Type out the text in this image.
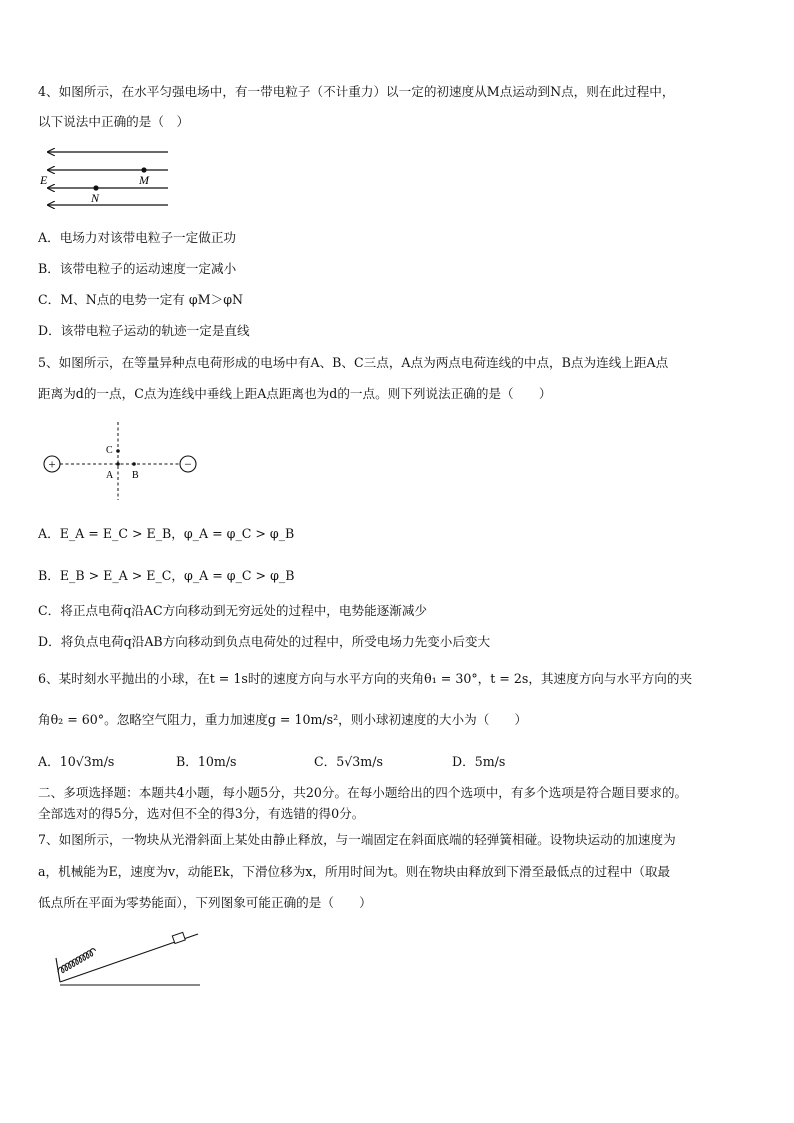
4、如图所示，在水平匀强电场中，有一带电粒子（不计重力）以一定的初速度从M点运动到N点，则在此过程中，
以下说法中正确的是（　）
E	M
N
A．电场力对该带电粒子一定做正功
B．该带电粒子的运动速度一定减小
C．M、N点的电势一定有 φM＞φN
D．该带电粒子运动的轨迹一定是直线
5、如图所示，在等量异种点电荷形成的电场中有A、B、C三点，A点为两点电荷连线的中点，B点为连线上距A点
距离为d的一点，C点为连线中垂线上距A点距离也为d的一点。则下列说法正确的是（　　）
+	−
A B
C
A．E_A = E_C > E_B，φ_A = φ_C > φ_B
B．E_B > E_A > E_C，φ_A = φ_C > φ_B
C．将正点电荷q沿AC方向移动到无穷远处的过程中，电势能逐渐减少
D．将负点电荷q沿AB方向移动到负点电荷处的过程中，所受电场力先变小后变大
6、某时刻水平抛出的小球，在t = 1s时的速度方向与水平方向的夹角θ₁ = 30°，t = 2s，其速度方向与水平方向的夹
角θ₂ = 60°。忽略空气阻力，重力加速度g = 10m/s²，则小球初速度的大小为（　　）
A．10√3m/s	B．10m/s	C．5√3m/s	D．5m/s
二、多项选择题：本题共4小题，每小题5分，共20分。在每小题给出的四个选项中，有多个选项是符合题目要求的。
全部选对的得5分，选对但不全的得3分，有选错的得0分。
7、如图所示，一物块从光滑斜面上某处由静止释放，与一端固定在斜面底端的轻弹簧相碰。设物块运动的加速度为
a，机械能为E，速度为v，动能Ek，下滑位移为x，所用时间为t。则在物块由释放到下滑至最低点的过程中（取最
低点所在平面为零势能面），下列图象可能正确的是（　　）
